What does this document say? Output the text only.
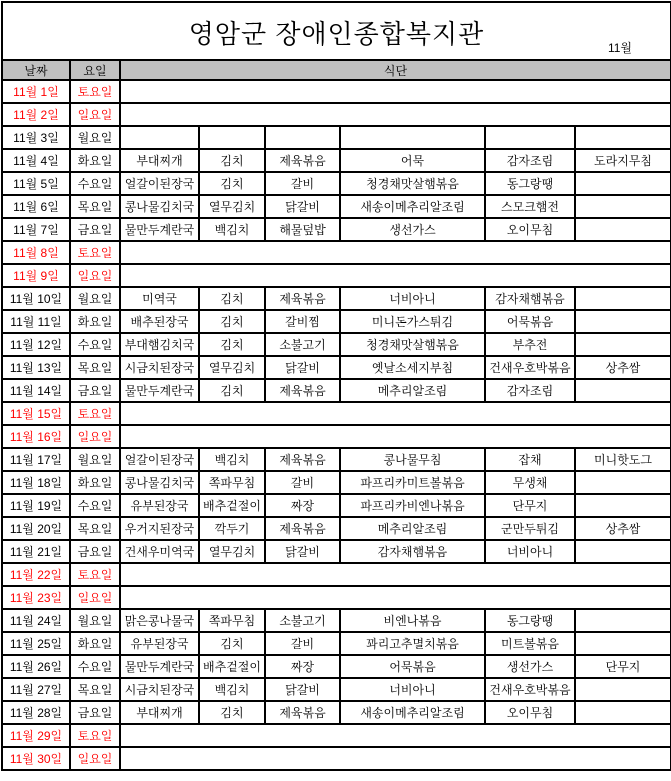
영암군 장애인종합복지관 11월							

날짜	요일	식단					
11월 1일	토요일						
11월 2일	일요일						
11월 3일	월요일						
11월 4일	화요일	부대찌개	김치	제육볶음	어묵	감자조림	도라지무침
11월 5일	수요일	얼갈이된장국	김치	갈비	청경채맛살햄볶음	동그랑땡	
11월 6일	목요일	콩나물김치국	열무김치	닭갈비	새송이메추리알조림	스모크햄전	
11월 7일	금요일	물만두계란국	백김치	해물덮밥	생선가스	오이무침	
11월 8일	토요일						
11월 9일	일요일						
11월 10일	월요일	미역국	김치	제육볶음	너비아니	감자채햄볶음	
11월 11일	화요일	배추된장국	김치	갈비찜	미니돈가스튀김	어묵볶음	
11월 12일	수요일	부대햄김치국	김치	소불고기	청경채맛살햄볶음	부추전	
11월 13일	목요일	시금치된장국	열무김치	닭갈비	옛날소세지부침	건새우호박볶음	상추쌈
11월 14일	금요일	물만두계란국	김치	제육볶음	메추리알조림	감자조림	
11월 15일	토요일						
11월 16일	일요일						
11월 17일	월요일	얼갈이된장국	백김치	제육볶음	콩나물무침	잡채	미니핫도그
11월 18일	화요일	콩나물김치국	쪽파무침	갈비	파프리카미트볼볶음	무생채	
11월 19일	수요일	유부된장국	배추겉절이	짜장	파프리카비엔나볶음	단무지	
11월 20일	목요일	우거지된장국	깍두기	제육볶음	메추리알조림	군만두튀김	상추쌈
11월 21일	금요일	건새우미역국	열무김치	닭갈비	감자채햄볶음	너비아니	
11월 22일	토요일						
11월 23일	일요일						
11월 24일	월요일	맑은콩나물국	쪽파무침	소불고기	비엔나볶음	동그랑땡	
11월 25일	화요일	유부된장국	김치	갈비	꽈리고추멸치볶음	미트볼볶음	
11월 26일	수요일	물만두계란국	배추겉절이	짜장	어묵볶음	생선가스	단무지
11월 27일	목요일	시금치된장국	백김치	닭갈비	너비아니	건새우호박볶음	
11월 28일	금요일	부대찌개	김치	제육볶음	새송이메추리알조림	오이무침	
11월 29일	토요일						
11월 30일	일요일						
